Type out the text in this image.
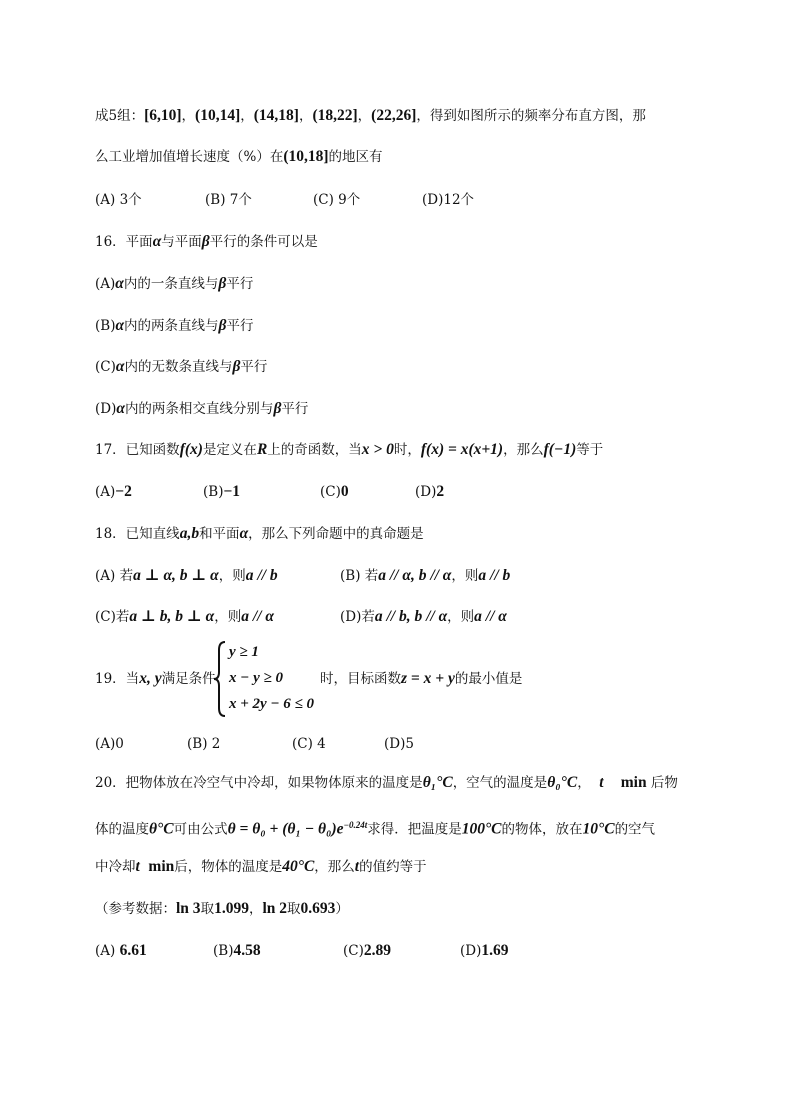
成5组：[6,10]，(10,14]，(14,18]，(18,22]，(22,26]，得到如图所示的频率分布直方图，那
么工业增加值增长速度（%）在(10,18]的地区有
(A) 3个	(B) 7个	(C) 9个	(D)12个
16．平面α与平面β平行的条件可以是
(A)α内的一条直线与β平行
(B)α内的两条直线与β平行
(C)α内的无数条直线与β平行
(D)α内的两条相交直线分别与β平行
17．已知函数f(x)是定义在R上的奇函数，当x > 0时，f(x) = x(x+1)，那么f(−1)等于
(A)−2	(B)−1	(C)0	(D)2
18．已知直线a,b和平面α，那么下列命题中的真命题是
(A) 若a ⊥ α, b ⊥ α，则a // b	(B) 若a // α, b // α，则a // b
(C)若a ⊥ b, b ⊥ α，则a // α	(D)若a // b, b // α，则a // α
19．当x, y满足条件
y ≥ 1
x − y ≥ 0
x + 2y − 6 ≤ 0
时，目标函数z = x + y的最小值是
(A)0	(B) 2	(C) 4	(D)5
20．把物体放在冷空气中冷却，如果物体原来的温度是θ₁°C，空气的温度是θ₀°C， t min 后物
体的温度θ°C可由公式$\theta = \theta_0 + (\theta_1 - \theta_0)e^{-0.24t}$求得．把温度是100°C的物体，放在10°C的空气
中冷却t min后，物体的温度是40°C，那么t的值约等于
（参考数据：ln 3取1.099，ln 2取0.693）
(A) 6.61	(B)4.58	(C)2.89	(D)1.69
